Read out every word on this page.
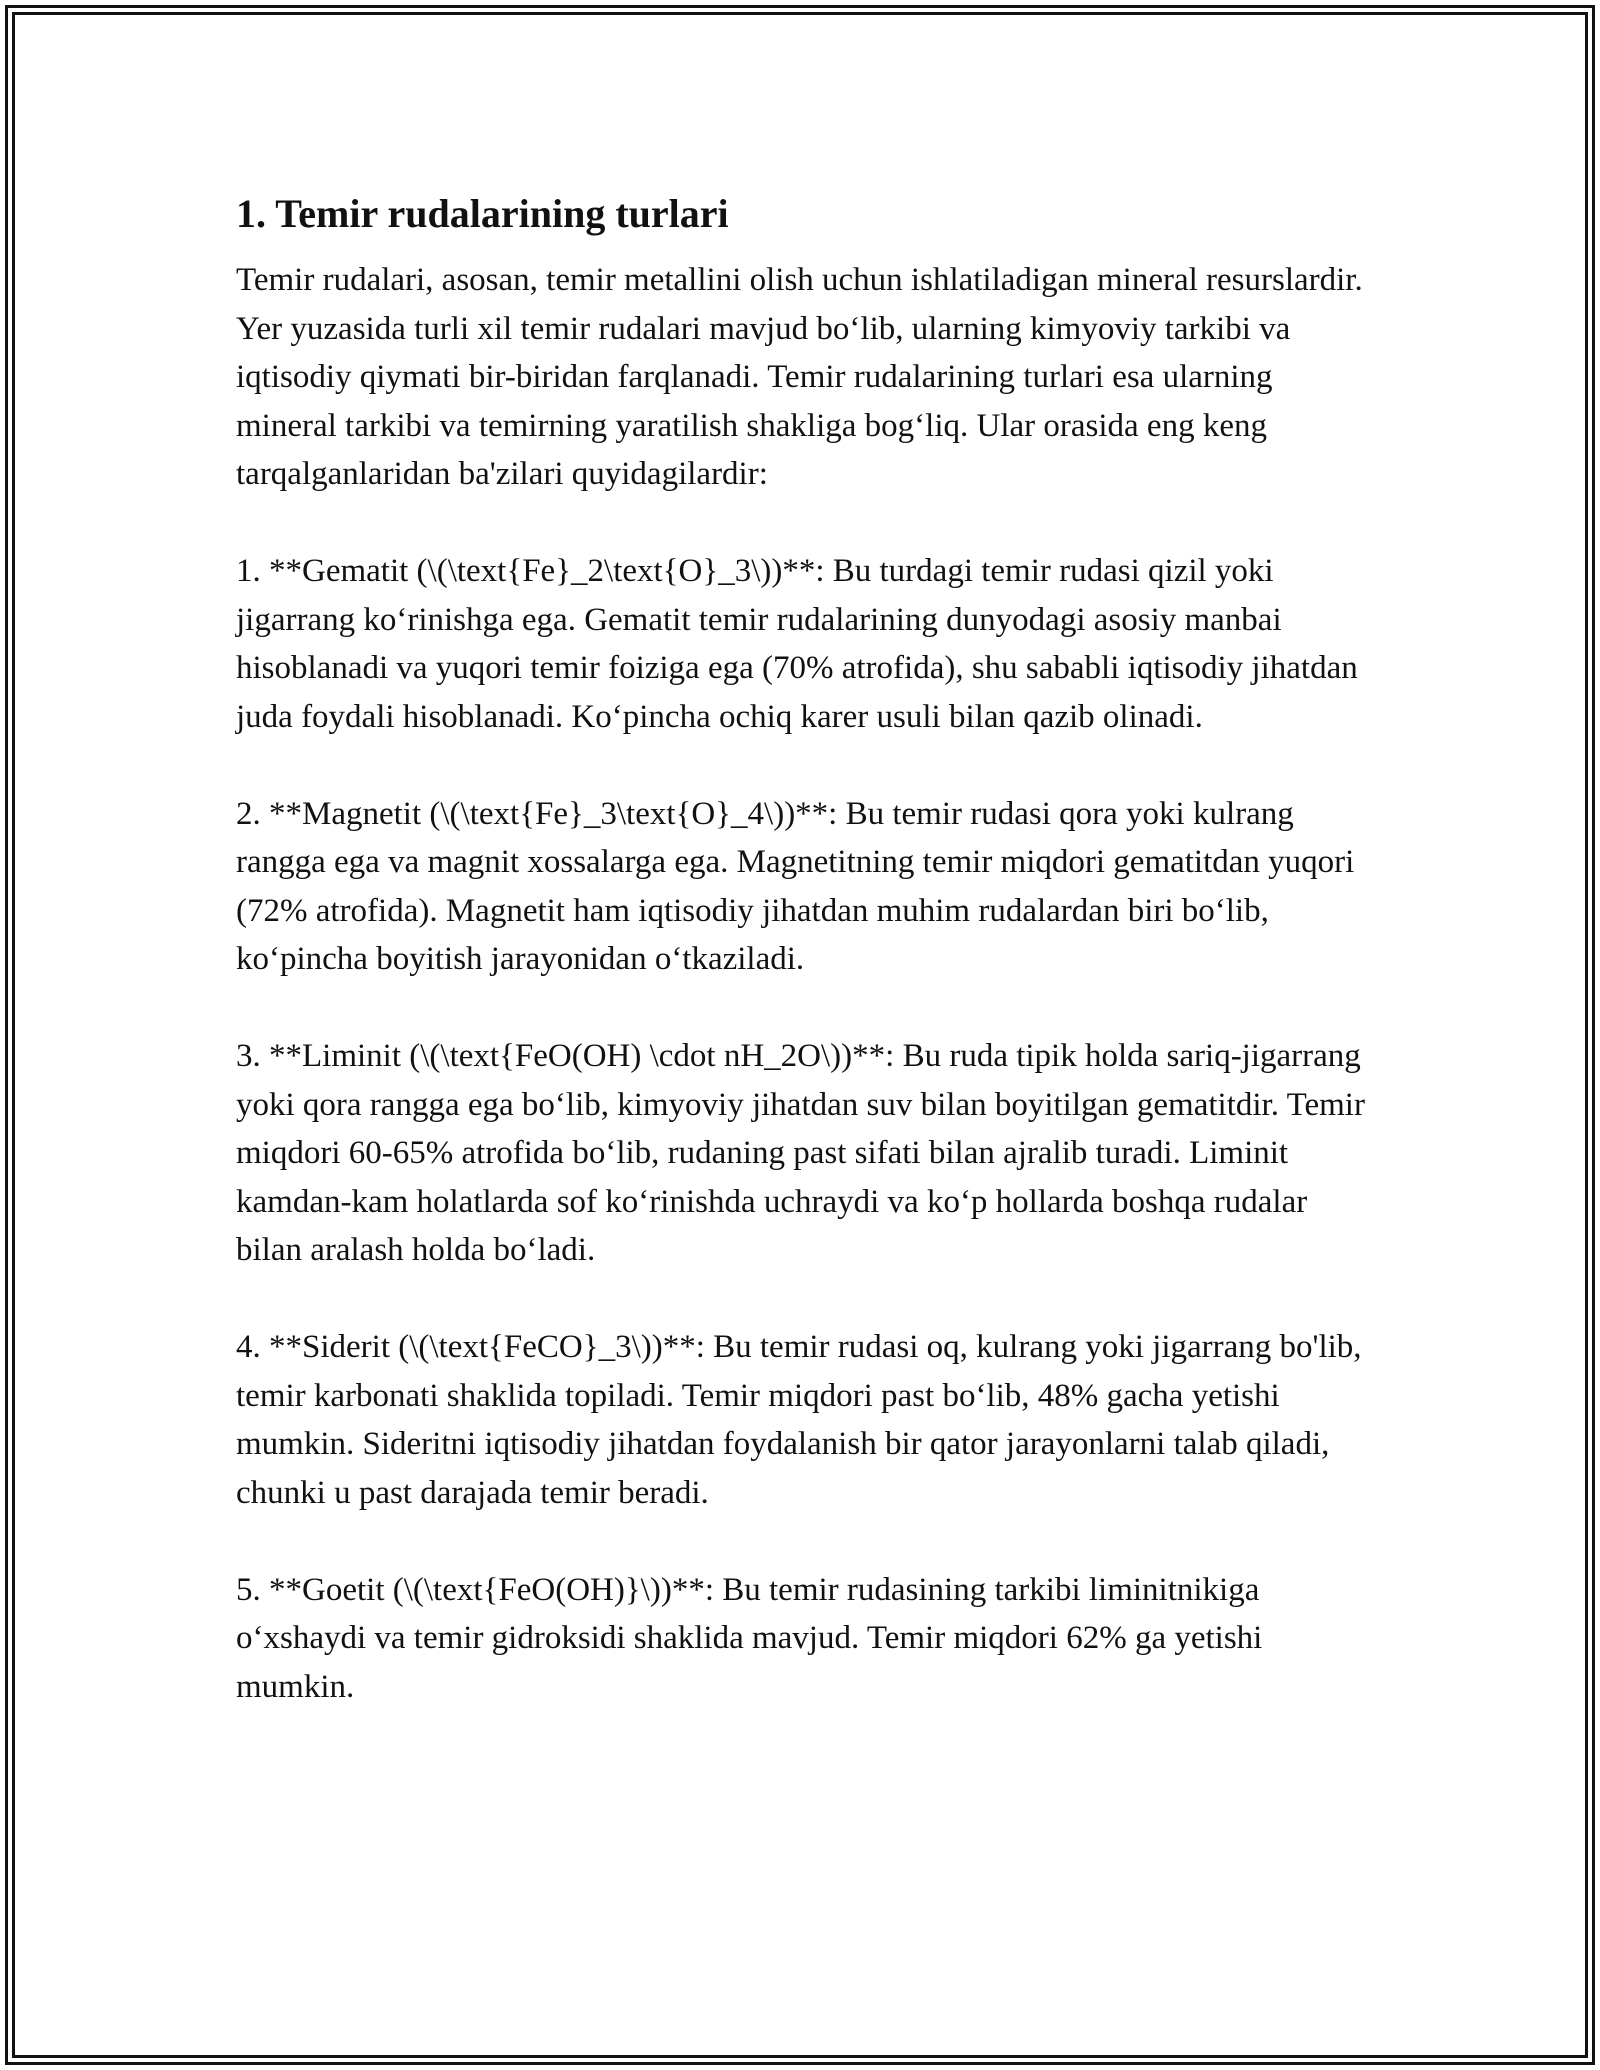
1. Temir rudalarining turlari

Temir rudalari, asosan, temir metallini olish uchun ishlatiladigan mineral resurslardir. Yer yuzasida turli xil temir rudalari mavjud bo‘lib, ularning kimyoviy tarkibi va iqtisodiy qiymati bir-biridan farqlanadi. Temir rudalarining turlari esa ularning mineral tarkibi va temirning yaratilish shakliga bog‘liq. Ular orasida eng keng tarqalganlaridan ba'zilari quyidagilardir:

1. **Gematit (\(\text{Fe}_2\text{O}_3\))**: Bu turdagi temir rudasi qizil yoki jigarrang ko‘rinishga ega. Gematit temir rudalarining dunyodagi asosiy manbai hisoblanadi va yuqori temir foiziga ega (70% atrofida), shu sababli iqtisodiy jihatdan juda foydali hisoblanadi. Ko‘pincha ochiq karer usuli bilan qazib olinadi.

2. **Magnetit (\(\text{Fe}_3\text{O}_4\))**: Bu temir rudasi qora yoki kulrang rangga ega va magnit xossalarga ega. Magnetitning temir miqdori gematitdan yuqori (72% atrofida). Magnetit ham iqtisodiy jihatdan muhim rudalardan biri bo‘lib, ko‘pincha boyitish jarayonidan o‘tkaziladi.

3. **Liminit (\(\text{FeO(OH) \cdot nH_2O\))**: Bu ruda tipik holda sariq-jigarrang yoki qora rangga ega bo‘lib, kimyoviy jihatdan suv bilan boyitilgan gematitdir. Temir miqdori 60-65% atrofida bo‘lib, rudaning past sifati bilan ajralib turadi. Liminit kamdan-kam holatlarda sof ko‘rinishda uchraydi va ko‘p hollarda boshqa rudalar bilan aralash holda bo‘ladi.

4. **Siderit (\(\text{FeCO}_3\))**: Bu temir rudasi oq, kulrang yoki jigarrang bo'lib, temir karbonati shaklida topiladi. Temir miqdori past bo‘lib, 48% gacha yetishi mumkin. Sideritni iqtisodiy jihatdan foydalanish bir qator jarayonlarni talab qiladi, chunki u past darajada temir beradi.

5. **Goetit (\(\text{FeO(OH)}\))**: Bu temir rudasining tarkibi liminitnikiga o‘xshaydi va temir gidroksidi shaklida mavjud. Temir miqdori 62% ga yetishi mumkin.
